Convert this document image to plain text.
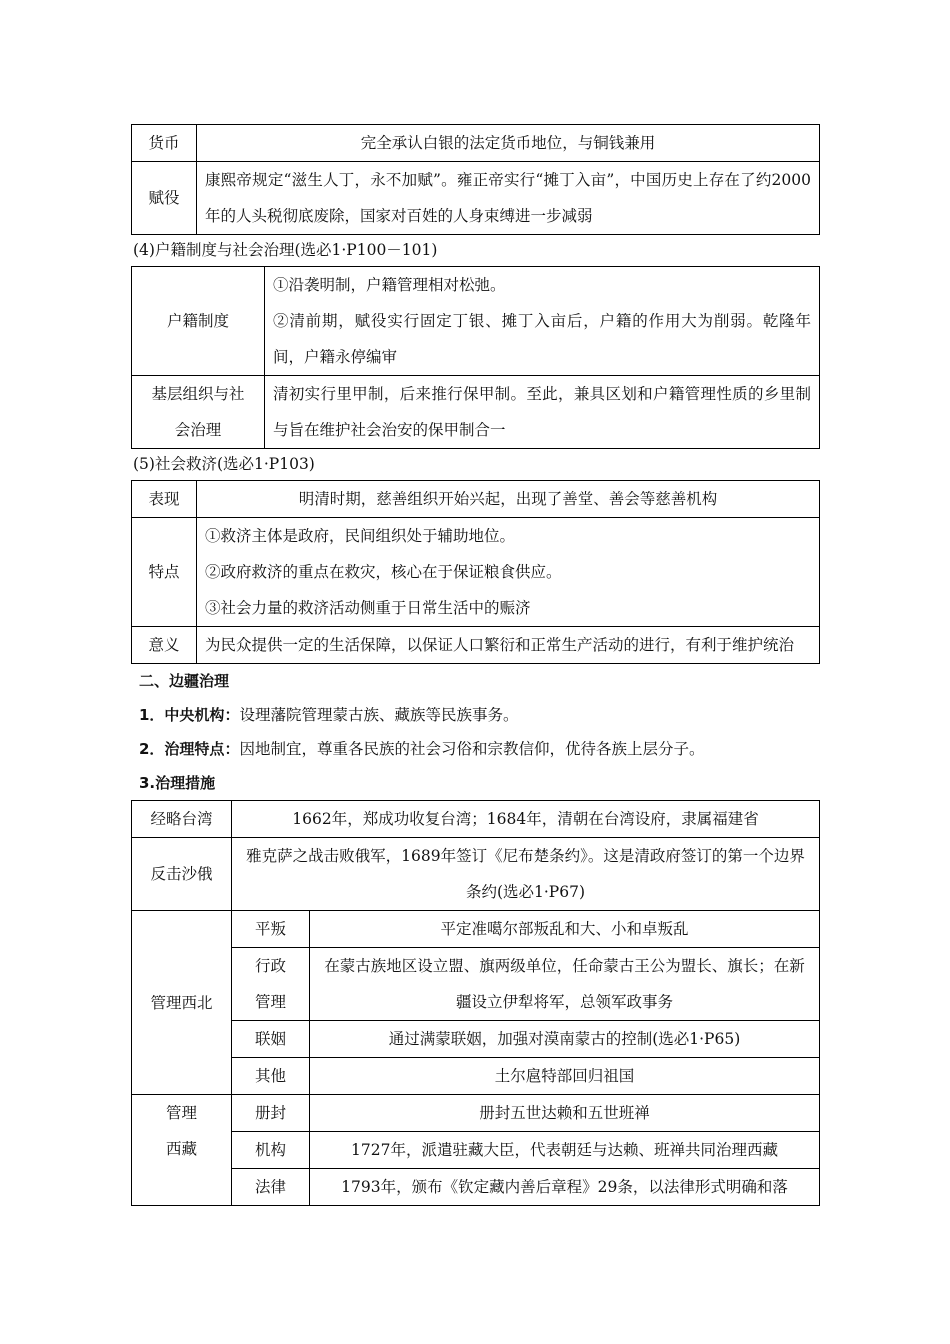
货币	完全承认白银的法定货币地位，与铜钱兼用
赋役	康熙帝规定“滋生人丁，永不加赋”。雍正帝实行“摊丁入亩”，中国历史上存在了约2000年的人头税彻底废除，国家对百姓的人身束缚进一步减弱

(4)户籍制度与社会治理(选必1·P100－101)

户籍制度	①沿袭明制，户籍管理相对松弛。
②清前期，赋役实行固定丁银、摊丁入亩后，户籍的作用大为削弱。乾隆年间，户籍永停编审

基层组织与社会治理	清初实行里甲制，后来推行保甲制。至此，兼具区划和户籍管理性质的乡里制与旨在维护社会治安的保甲制合一

(5)社会救济(选必1·P103)

表现	明清时期，慈善组织开始兴起，出现了善堂、善会等慈善机构
特点	①救济主体是政府，民间组织处于辅助地位。
②政府救济的重点在救灾，核心在于保证粮食供应。
③社会力量的救济活动侧重于日常生活中的赈济

意义	为民众提供一定的生活保障，以保证人口繁衍和正常生产活动的进行，有利于维护统治

二、边疆治理

1．中央机构：设理藩院管理蒙古族、藏族等民族事务。

2．治理特点：因地制宜，尊重各民族的社会习俗和宗教信仰，优待各族上层分子。

3.治理措施

经略台湾	1662年，郑成功收复台湾；1684年，清朝在台湾设府，隶属福建省	
反击沙俄	雅克萨之战击败俄军，1689年签订《尼布楚条约》。这是清政府签订的第一个边界条约(选必1·P67)	
管理西北	平叛	平定准噶尔部叛乱和大、小和卓叛乱
	行政管理	在蒙古族地区设立盟、旗两级单位，任命蒙古王公为盟长、旗长；在新疆设立伊犁将军，总领军政事务
	联姻	通过满蒙联姻，加强对漠南蒙古的控制(选必1·P65)
	其他	土尔扈特部回归祖国
管理西藏	册封	册封五世达赖和五世班禅
	机构	1727年，派遣驻藏大臣，代表朝廷与达赖、班禅共同治理西藏
	法律	1793年，颁布《钦定藏内善后章程》29条，以法律形式明确和落
